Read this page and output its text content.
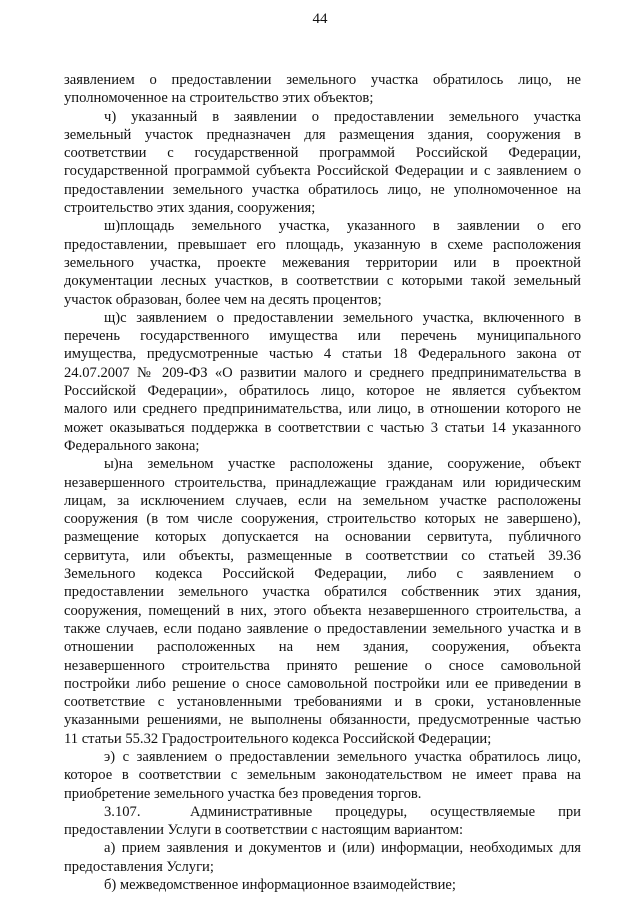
44
заявлением о предоставлении земельного участка обратилось лицо, не
уполномоченное на строительство этих объектов;
ч) указанный в заявлении о предоставлении земельного участка
земельный участок предназначен для размещения здания, сооружения в
соответствии с государственной программой Российской Федерации,
государственной программой субъекта Российской Федерации и с заявлением о
предоставлении земельного участка обратилось лицо, не уполномоченное на
строительство этих здания, сооружения;
ш)площадь земельного участка, указанного в заявлении о его
предоставлении, превышает его площадь, указанную в схеме расположения
земельного участка, проекте межевания территории или в проектной
документации лесных участков, в соответствии с которыми такой земельный
участок образован, более чем на десять процентов;
щ)с заявлением о предоставлении земельного участка, включенного в
перечень государственного имущества или перечень муниципального
имущества, предусмотренные частью 4 статьи 18 Федерального закона от
24.07.2007 № 209-ФЗ «О развитии малого и среднего предпринимательства в
Российской Федерации», обратилось лицо, которое не является субъектом
малого или среднего предпринимательства, или лицо, в отношении которого не
может оказываться поддержка в соответствии с частью 3 статьи 14 указанного
Федерального закона;
ы)на земельном участке расположены здание, сооружение, объект
незавершенного строительства, принадлежащие гражданам или юридическим
лицам, за исключением случаев, если на земельном участке расположены
сооружения (в том числе сооружения, строительство которых не завершено),
размещение которых допускается на основании сервитута, публичного
сервитута, или объекты, размещенные в соответствии со статьей 39.36
Земельного кодекса Российской Федерации, либо с заявлением о
предоставлении земельного участка обратился собственник этих здания,
сооружения, помещений в них, этого объекта незавершенного строительства, а
также случаев, если подано заявление о предоставлении земельного участка и в
отношении расположенных на нем здания, сооружения, объекта
незавершенного строительства принято решение о сносе самовольной
постройки либо решение о сносе самовольной постройки или ее приведении в
соответствие с установленными требованиями и в сроки, установленные
указанными решениями, не выполнены обязанности, предусмотренные частью
11 статьи 55.32 Градостроительного кодекса Российской Федерации;
э) с заявлением о предоставлении земельного участка обратилось лицо,
которое в соответствии с земельным законодательством не имеет права на
приобретение земельного участка без проведения торгов.
3.107.	Административные процедуры, осуществляемые при
предоставлении Услуги в соответствии с настоящим вариантом:
а) прием заявления и документов и (или) информации, необходимых для
предоставления Услуги;
б) межведомственное информационное взаимодействие;
